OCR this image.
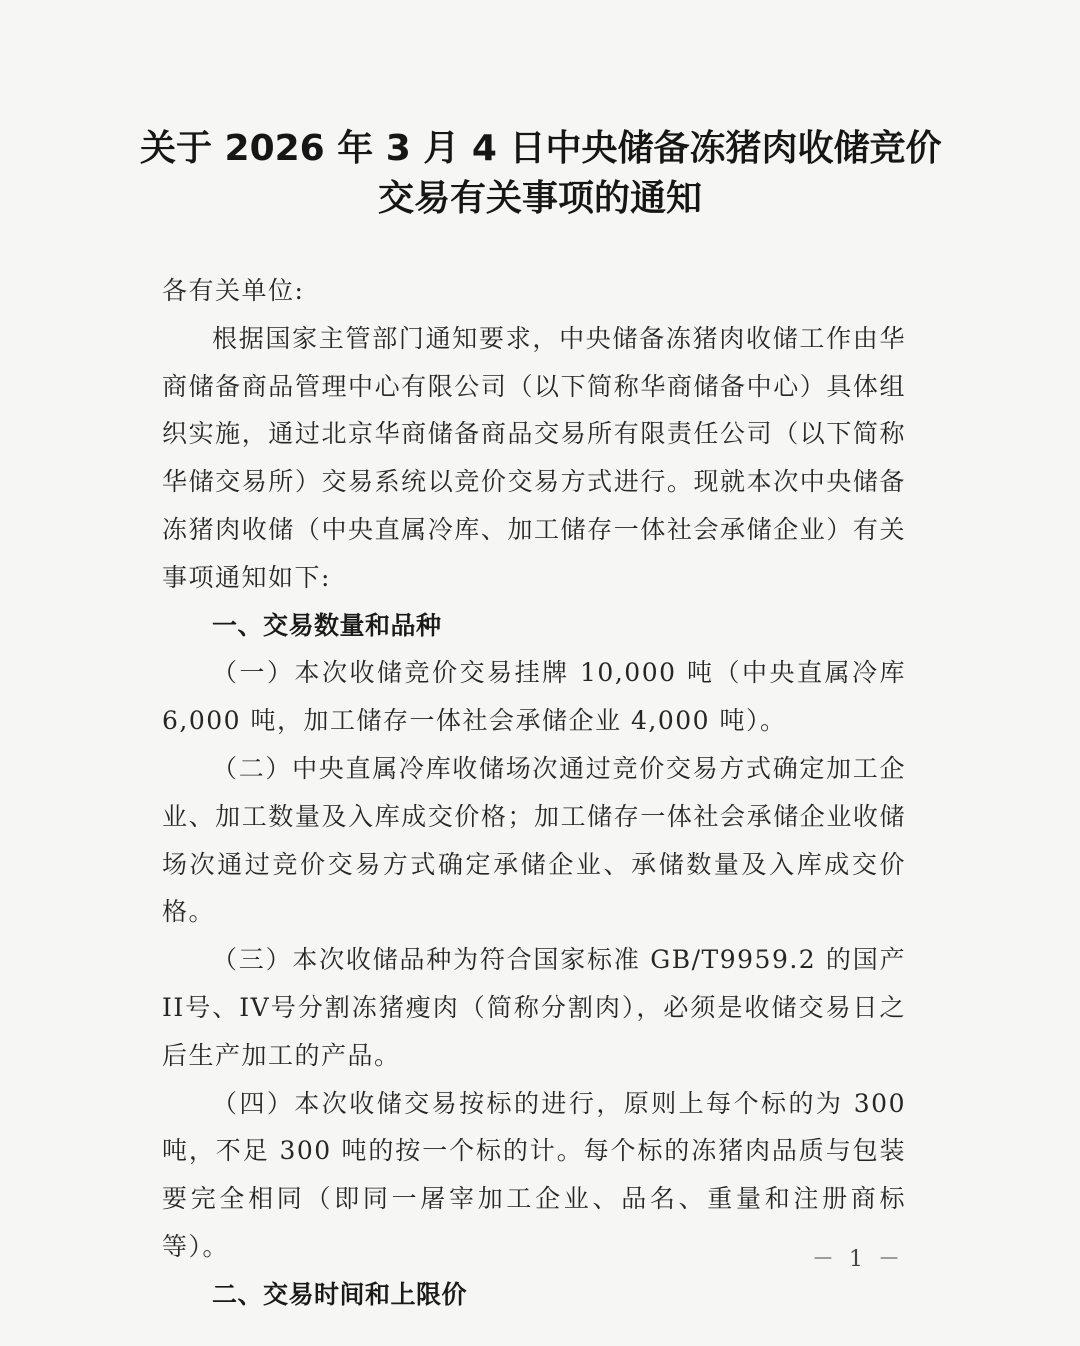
关于 2026 年 3 月 4 日中央储备冻猪肉收储竞价
交易有关事项的通知

各有关单位:

根据国家主管部门通知要求，中央储备冻猪肉收储工作由华商储备商品管理中心有限公司（以下简称华商储备中心）具体组织实施，通过北京华商储备商品交易所有限责任公司（以下简称华储交易所）交易系统以竞价交易方式进行。现就本次中央储备冻猪肉收储（中央直属冷库、加工储存一体社会承储企业）有关事项通知如下:

一、交易数量和品种

（一）本次收储竞价交易挂牌 10,000 吨（中央直属冷库 6,000 吨，加工储存一体社会承储企业 4,000 吨）。

（二）中央直属冷库收储场次通过竞价交易方式确定加工企业、加工数量及入库成交价格；加工储存一体社会承储企业收储场次通过竞价交易方式确定承储企业、承储数量及入库成交价格。

（三）本次收储品种为符合国家标准 GB/T9959.2 的国产II号、IV号分割冻猪瘦肉（简称分割肉），必须是收储交易日之后生产加工的产品。

（四）本次收储交易按标的进行，原则上每个标的为 300 吨，不足 300 吨的按一个标的计。每个标的冻猪肉品质与包装要完全相同（即同一屠宰加工企业、品名、重量和注册商标等）。

二、交易时间和上限价

－ 1 －
